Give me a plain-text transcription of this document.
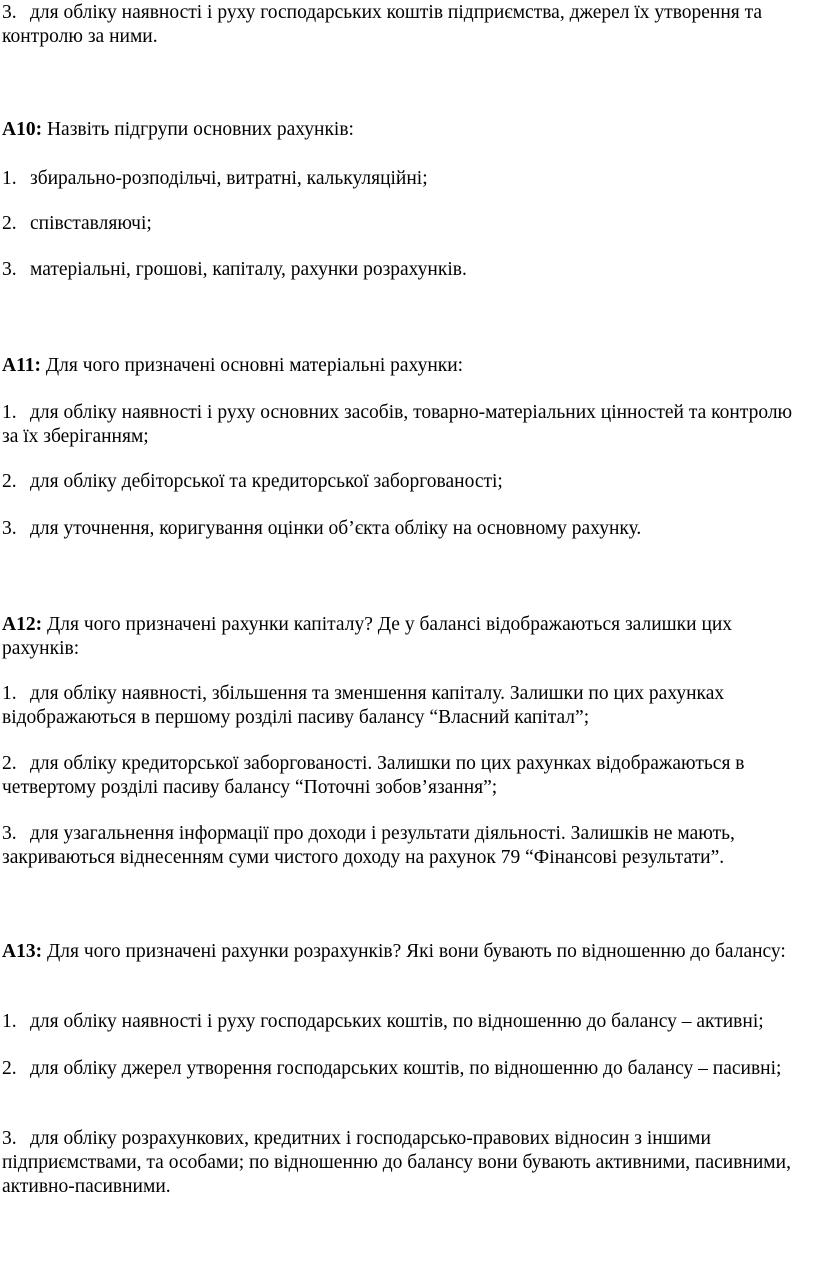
3. для обліку наявності і руху господарських коштів підприємства, джерел їх утворення та контролю за ними.

А10: Назвіть підгрупи основних рахунків:

1. збирально-розподільчі, витратні, калькуляційні;

2. співставляючі;

3. матеріальні, грошові, капіталу, рахунки розрахунків.

А11: Для чого призначені основні матеріальні рахунки:

1. для обліку наявності і руху основних засобів, товарно-матеріальних цінностей та контролю за їх зберіганням;

2. для обліку дебіторської та кредиторської заборгованості;

3. для уточнення, коригування оцінки об’єкта обліку на основному рахунку.

А12: Для чого призначені рахунки капіталу? Де у балансі відображаються залишки цих рахунків:

1. для обліку наявності, збільшення та зменшення капіталу. Залишки по цих рахунках відображаються в першому розділі пасиву балансу “Власний капітал”;

2. для обліку кредиторської заборгованості. Залишки по цих рахунках відображаються в четвертому розділі пасиву балансу “Поточні зобов’язання”;

3. для узагальнення інформації про доходи і результати діяльності. Залишків не мають, закриваються віднесенням суми чистого доходу на рахунок 79 “Фінансові результати”.

А13: Для чого призначені рахунки розрахунків? Які вони бувають по відношенню до балансу:

1. для обліку наявності і руху господарських коштів, по відношенню до балансу – активні;

2. для обліку джерел утворення господарських коштів, по відношенню до балансу – пасивні;

3. для обліку розрахункових, кредитних і господарсько-правових відносин з іншими підприємствами, та особами; по відношенню до балансу вони бувають активними, пасивними, активно-пасивними.
